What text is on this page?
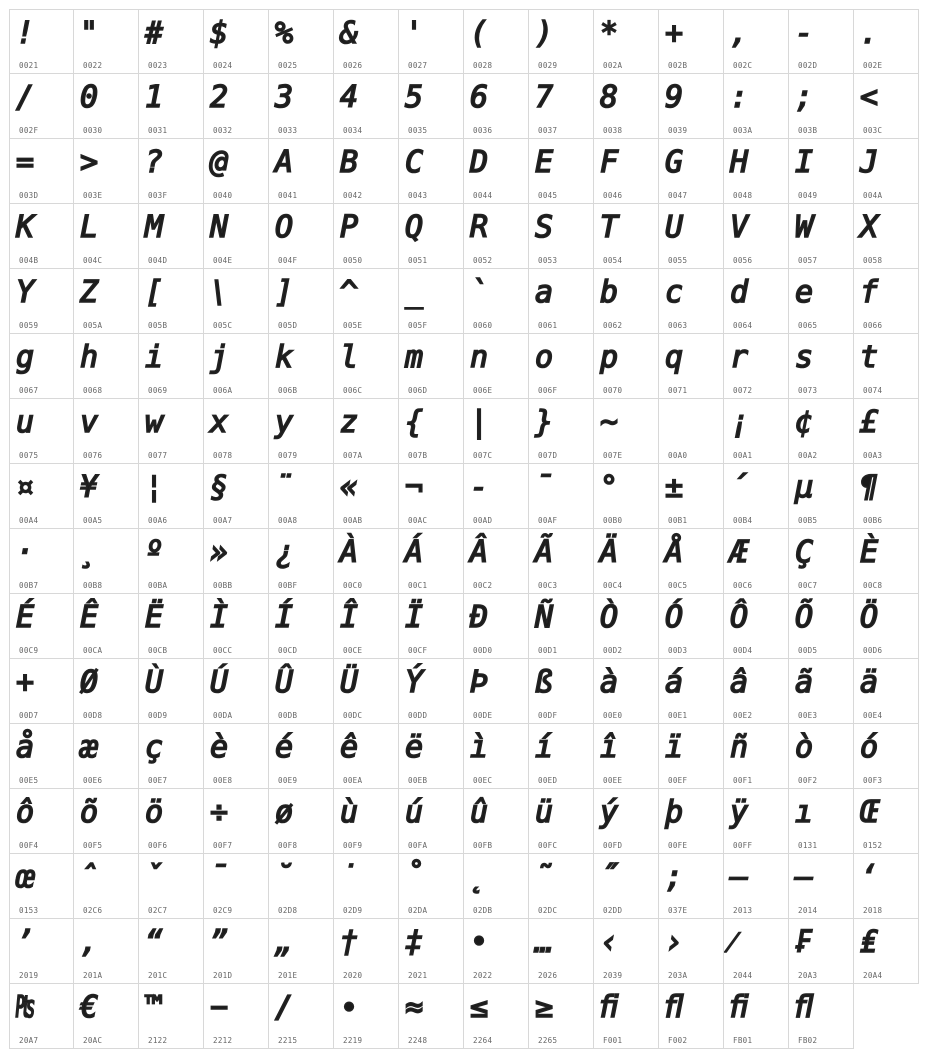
!
0021
"
0022
#
0023
$
0024
%
0025
&
0026
'
0027
(
0028
)
0029
*
002A
+
002B
,
002C
-
002D
.
002E
/
002F
0
0030
1
0031
2
0032
3
0033
4
0034
5
0035
6
0036
7
0037
8
0038
9
0039
:
003A
;
003B
<
003C
=
003D
>
003E
?
003F
@
0040
A
0041
B
0042
C
0043
D
0044
E
0045
F
0046
G
0047
H
0048
I
0049
J
004A
K
004B
L
004C
M
004D
N
004E
O
004F
P
0050
Q
0051
R
0052
S
0053
T
0054
U
0055
V
0056
W
0057
X
0058
Y
0059
Z
005A
[
005B
\
005C
]
005D
^
005E
_
005F
`
0060
a
0061
b
0062
c
0063
d
0064
e
0065
f
0066
g
0067
h
0068
i
0069
j
006A
k
006B
l
006C
m
006D
n
006E
o
006F
p
0070
q
0071
r
0072
s
0073
t
0074
u
0075
v
0076
w
0077
x
0078
y
0079
z
007A
{
007B
|
007C
}
007D
~
007E	00A0
¡
00A1
¢
00A2
£
00A3
¤
00A4
¥
00A5
¦
00A6
§
00A7
¨
00A8
«
00AB
¬
00AC
-
00AD
¯
00AF
°
00B0
±
00B1
´
00B4
µ
00B5
¶
00B6
·
00B7
¸
00B8
º
00BA
»
00BB
¿
00BF
À
00C0
Á
00C1
Â
00C2
Ã
00C3
Ä
00C4
Å
00C5
Æ
00C6
Ç
00C7
È
00C8
É
00C9
Ê
00CA
Ë
00CB
Ì
00CC
Í
00CD
Î
00CE
Ï
00CF
Đ
00D0
Ñ
00D1
Ò
00D2
Ó
00D3
Ô
00D4
Õ
00D5
Ö
00D6
+
00D7
Ø
00D8
Ù
00D9
Ú
00DA
Û
00DB
Ü
00DC
Ý
00DD
Þ
00DE
ß
00DF
à
00E0
á
00E1
â
00E2
ã
00E3
ä
00E4
å
00E5
æ
00E6
ç
00E7
è
00E8
é
00E9
ê
00EA
ë
00EB
ì
00EC
í
00ED
î
00EE
ï
00EF
ñ
00F1
ò
00F2
ó
00F3
ô
00F4
õ
00F5
ö
00F6
÷
00F7
ø
00F8
ù
00F9
ú
00FA
û
00FB
ü
00FC
ý
00FD
þ
00FE
ÿ
00FF
ı
0131
Œ
0152
œ
0153
ˆ
02C6
ˇ
02C7
ˉ
02C9
˘
02D8
˙
02D9
˚
02DA
˛
02DB
˜
02DC
˝
02DD
;
037E
–
2013
—
2014
‘
2018
’
2019
‚
201A
“
201C
”
201D
„
201E
†
2020
‡
2021
•
2022
…
2026
‹
2039
›
203A
⁄
2044
₣
20A3
₤
20A4
₧
20A7
€
20AC
™
2122
−
2212
∕
2215
∙
2219
≈
2248
≤
2264
≥
2265
ﬁ
F001
ﬂ
F002
ﬁ
FB01
ﬂ
FB02
